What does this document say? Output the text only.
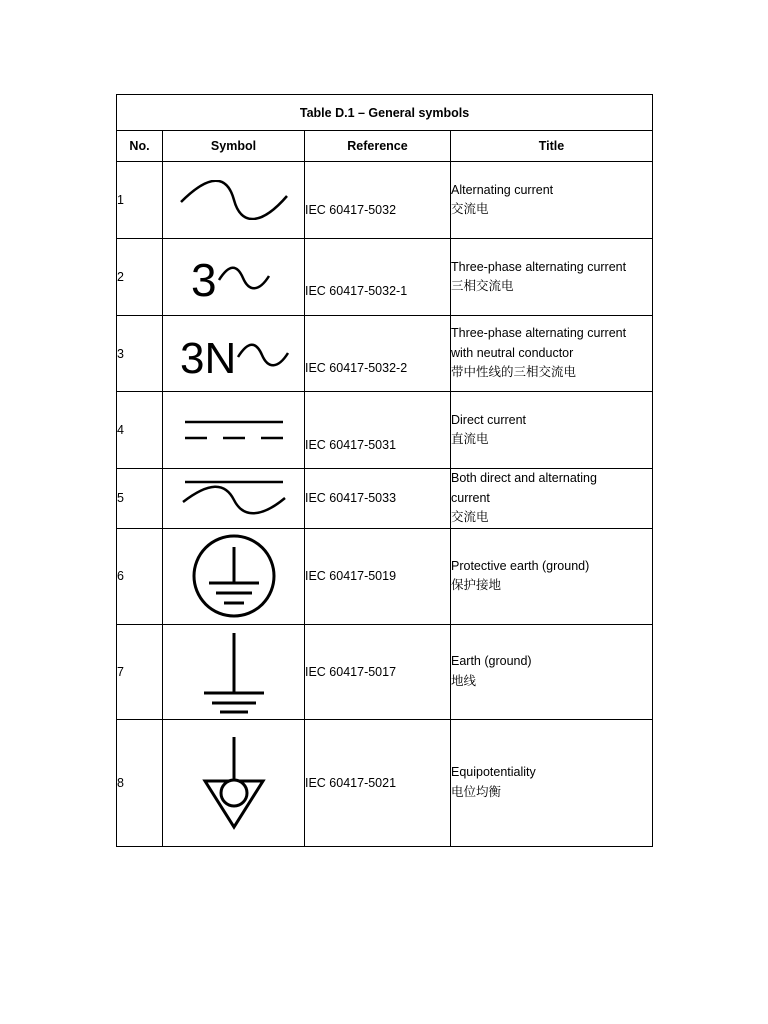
Table D.1 – General symbols			
No.	Symbol	Reference	Title
1		IEC 60417-5032	Alternating current
交流电

2	3	IEC 60417-5032-1	Three-phase alternating current
三相交流电

3	3N	IEC 60417-5032-2	Three-phase alternating current
with neutral conductor
带中性线的三相交流电

4		IEC 60417-5031	Direct current
直流电

5		IEC 60417-5033	Both direct and alternating
current
交流电

6		IEC 60417-5019	Protective earth (ground)
保护接地

7		IEC 60417-5017	Earth (ground)
地线

8		IEC 60417-5021	Equipotentiality
电位均衡
